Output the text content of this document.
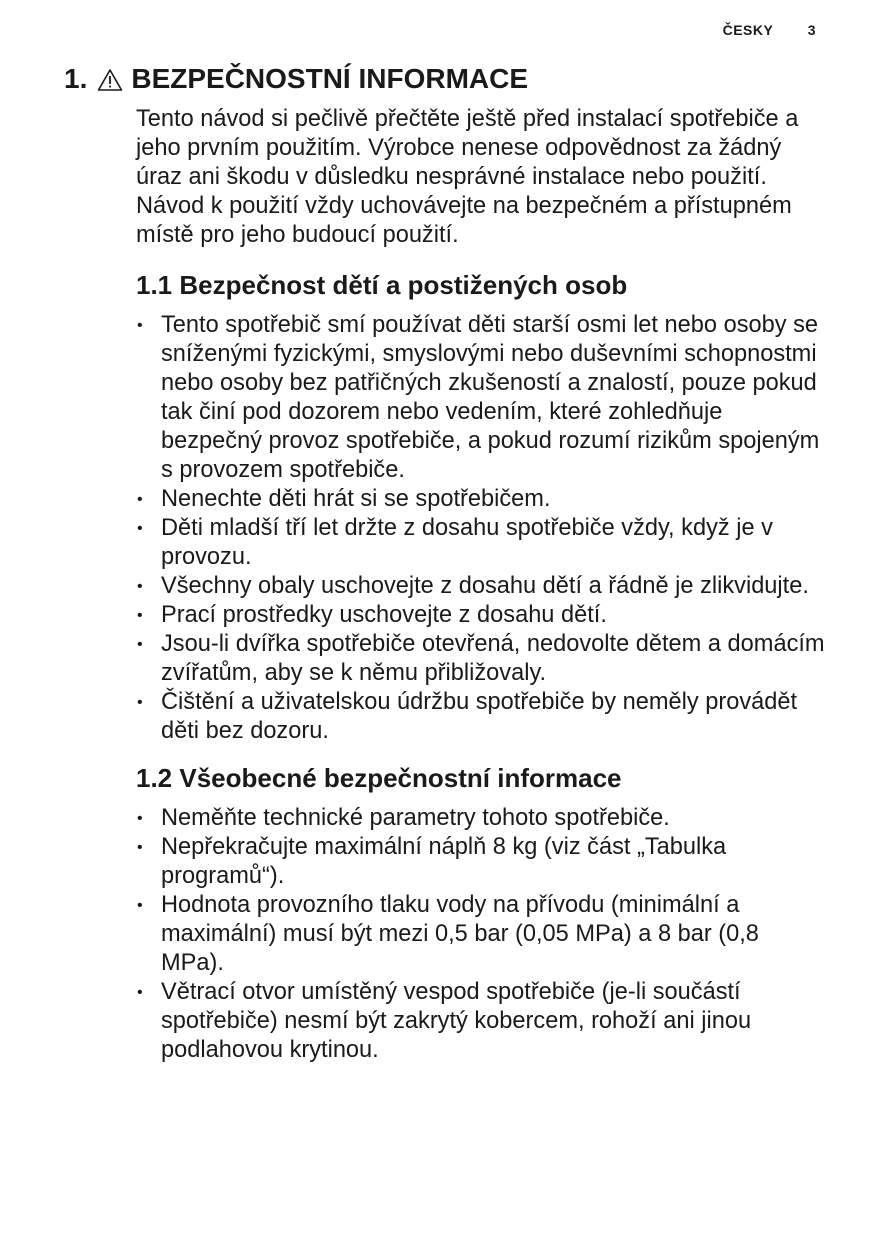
ČESKY 3
1. BEZPEČNOSTNÍ INFORMACE

Tento návod si pečlivě přečtěte ještě před instalací spotřebiče a jeho prvním použitím. Výrobce nenese odpovědnost za žádný úraz ani škodu v důsledku nesprávné instalace nebo použití. Návod k použití vždy uchovávejte na bezpečném a přístupném místě pro jeho budoucí použití.

1.1 Bezpečnost dětí a postižených osob
• Tento spotřebič smí používat děti starší osmi let nebo osoby se sníženými fyzickými, smyslovými nebo duševními schopnostmi nebo osoby bez patřičných zkušeností a znalostí, pouze pokud tak činí pod dozorem nebo vedením, které zohledňuje bezpečný provoz spotřebiče, a pokud rozumí rizikům spojeným s provozem spotřebiče.
• Nenechte děti hrát si se spotřebičem.
• Děti mladší tří let držte z dosahu spotřebiče vždy, když je v provozu.
• Všechny obaly uschovejte z dosahu dětí a řádně je zlikvidujte.
• Prací prostředky uschovejte z dosahu dětí.
• Jsou-li dvířka spotřebiče otevřená, nedovolte dětem a domácím zvířatům, aby se k němu přibližovaly.
• Čištění a uživatelskou údržbu spotřebiče by neměly provádět děti bez dozoru.
1.2 Všeobecné bezpečnostní informace
• Neměňte technické parametry tohoto spotřebiče.
• Nepřekračujte maximální náplň 8 kg (viz část „Tabulka programů“).
• Hodnota provozního tlaku vody na přívodu (minimální a maximální) musí být mezi 0,5 bar (0,05 MPa) a 8 bar (0,8 MPa).
• Větrací otvor umístěný vespod spotřebiče (je-li součástí spotřebiče) nesmí být zakrytý kobercem, rohoží ani jinou podlahovou krytinou.
